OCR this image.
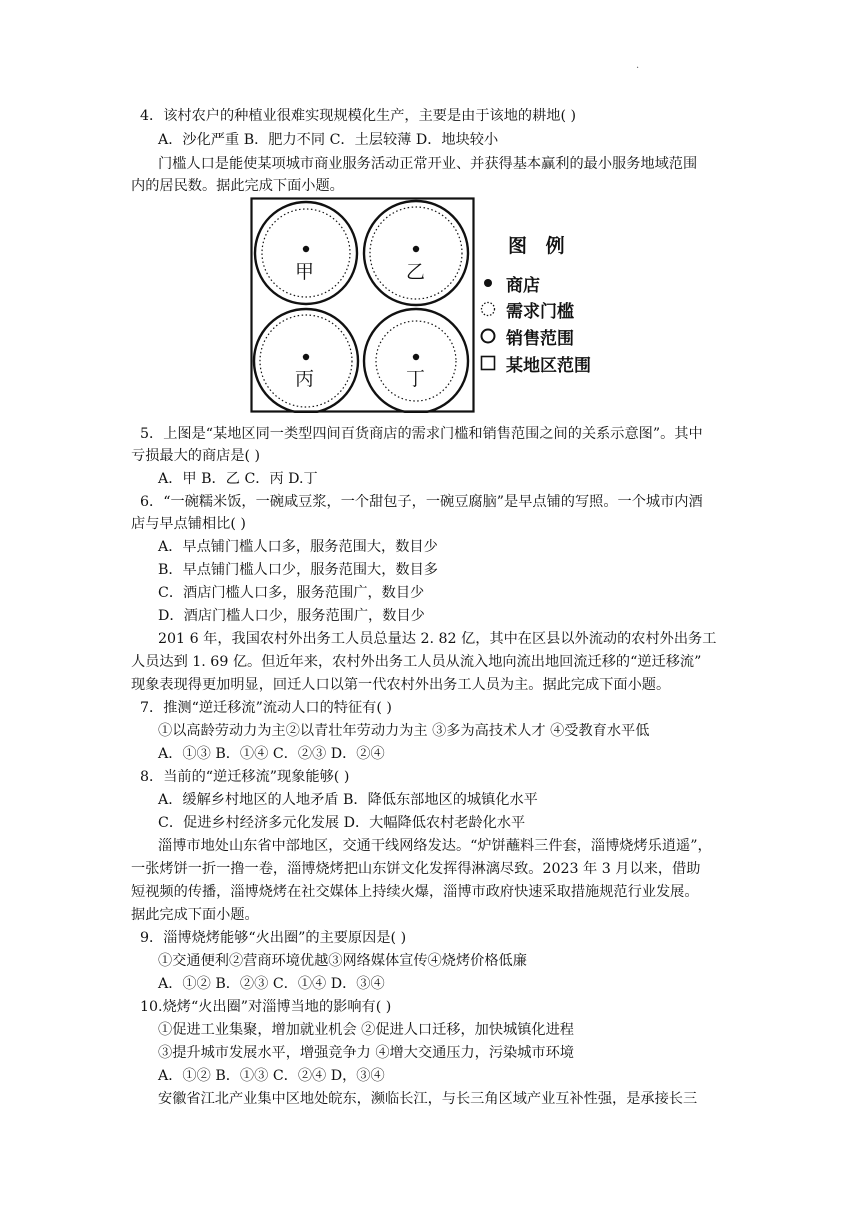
·
4．该村农户的种植业很难实现规模化生产，主要是由于该地的耕地( )
A．沙化严重 B．肥力不同 C．土层较薄 D．地块较小
门槛人口是能使某项城市商业服务活动正常开业、并获得基本赢利的最小服务地域范围
内的居民数。据此完成下面小题。
甲	乙
丙	丁
图 例
商店
需求门槛
销售范围
某地区范围
5．上图是“某地区同一类型四间百货商店的需求门槛和销售范围之间的关系示意图”。其中
亏损最大的商店是( )
A．甲 B．乙 C．丙 D.丁
6．“一碗糯米饭，一碗咸豆浆，一个甜包子，一碗豆腐脑”是早点铺的写照。一个城市内酒
店与早点铺相比( )
A．早点铺门槛人口多，服务范围大，数目少
B．早点铺门槛人口少，服务范围大，数目多
C．酒店门槛人口多，服务范围广，数目少
D．酒店门槛人口少，服务范围广，数目少
201 6 年，我国农村外出务工人员总量达 2. 82 亿，其中在区县以外流动的农村外出务工
人员达到 1. 69 亿。但近年来，农村外出务工人员从流入地向流出地回流迁移的“逆迁移流”
现象表现得更加明显，回迁人口以第一代农村外出务工人员为主。据此完成下面小题。
7．推测“逆迁移流”流动人口的特征有( )
①以高龄劳动力为主②以青壮年劳动力为主 ③多为高技术人才 ④受教育水平低
A．①③ B．①④ C．②③ D．②④
8．当前的“逆迁移流”现象能够( )
A．缓解乡村地区的人地矛盾 B．降低东部地区的城镇化水平
C．促进乡村经济多元化发展 D．大幅降低农村老龄化水平
淄博市地处山东省中部地区，交通干线网络发达。“炉饼蘸料三件套，淄博烧烤乐逍遥”，
一张烤饼一折一撸一卷，淄博烧烤把山东饼文化发挥得淋漓尽致。2023 年 3 月以来，借助
短视频的传播，淄博烧烤在社交媒体上持续火爆，淄博市政府快速采取措施规范行业发展。
据此完成下面小题。
9．淄博烧烤能够“火出圈”的主要原因是( )
①交通便利②营商环境优越③网络媒体宣传④烧烤价格低廉
A．①② B．②③ C．①④ D．③④
10.烧烤“火出圈”对淄博当地的影响有( )
①促进工业集聚，增加就业机会 ②促进人口迁移，加快城镇化进程
③提升城市发展水平，增强竞争力 ④增大交通压力，污染城市环境
A．①② B．①③ C．②④ D，③④
安徽省江北产业集中区地处皖东，濒临长江，与长三角区域产业互补性强，是承接长三
